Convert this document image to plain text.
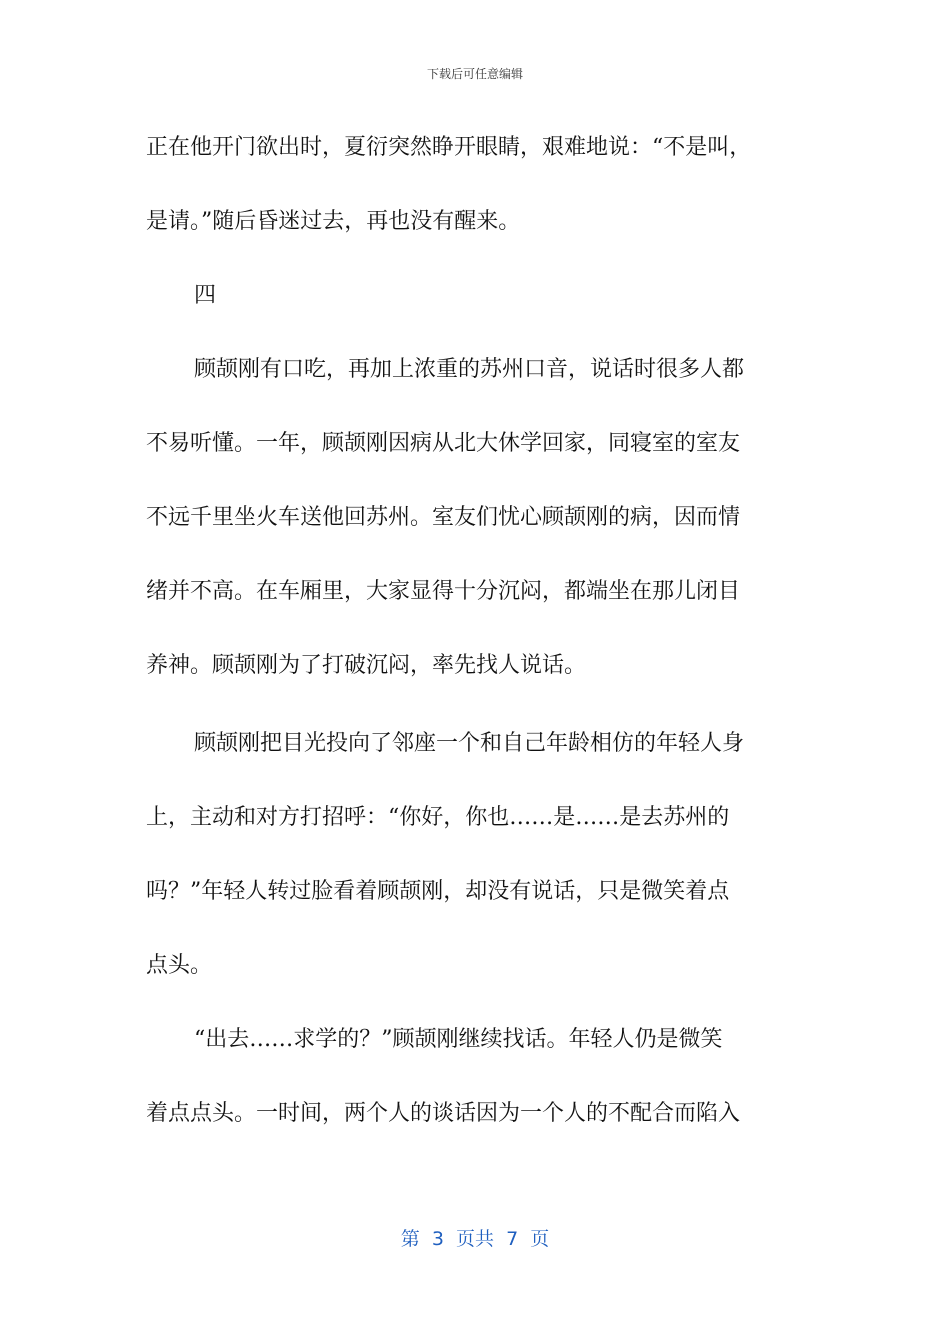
下载后可任意编辑
正在他开门欲出时，夏衍突然睁开眼睛，艰难地说：“不是叫，
是请。”随后昏迷过去，再也没有醒来。
四
顾颉刚有口吃，再加上浓重的苏州口音，说话时很多人都
不易听懂。一年，顾颉刚因病从北大休学回家，同寝室的室友
不远千里坐火车送他回苏州。室友们忧心顾颉刚的病，因而情
绪并不高。在车厢里，大家显得十分沉闷，都端坐在那儿闭目
养神。顾颉刚为了打破沉闷，率先找人说话。
顾颉刚把目光投向了邻座一个和自己年龄相仿的年轻人身
上，主动和对方打招呼：“你好，你也……是……是去苏州的
吗？”年轻人转过脸看着顾颉刚，却没有说话，只是微笑着点
点头。
“出去……求学的？”顾颉刚继续找话。年轻人仍是微笑
着点点头。一时间，两个人的谈话因为一个人的不配合而陷入
第  3  页共  7  页
